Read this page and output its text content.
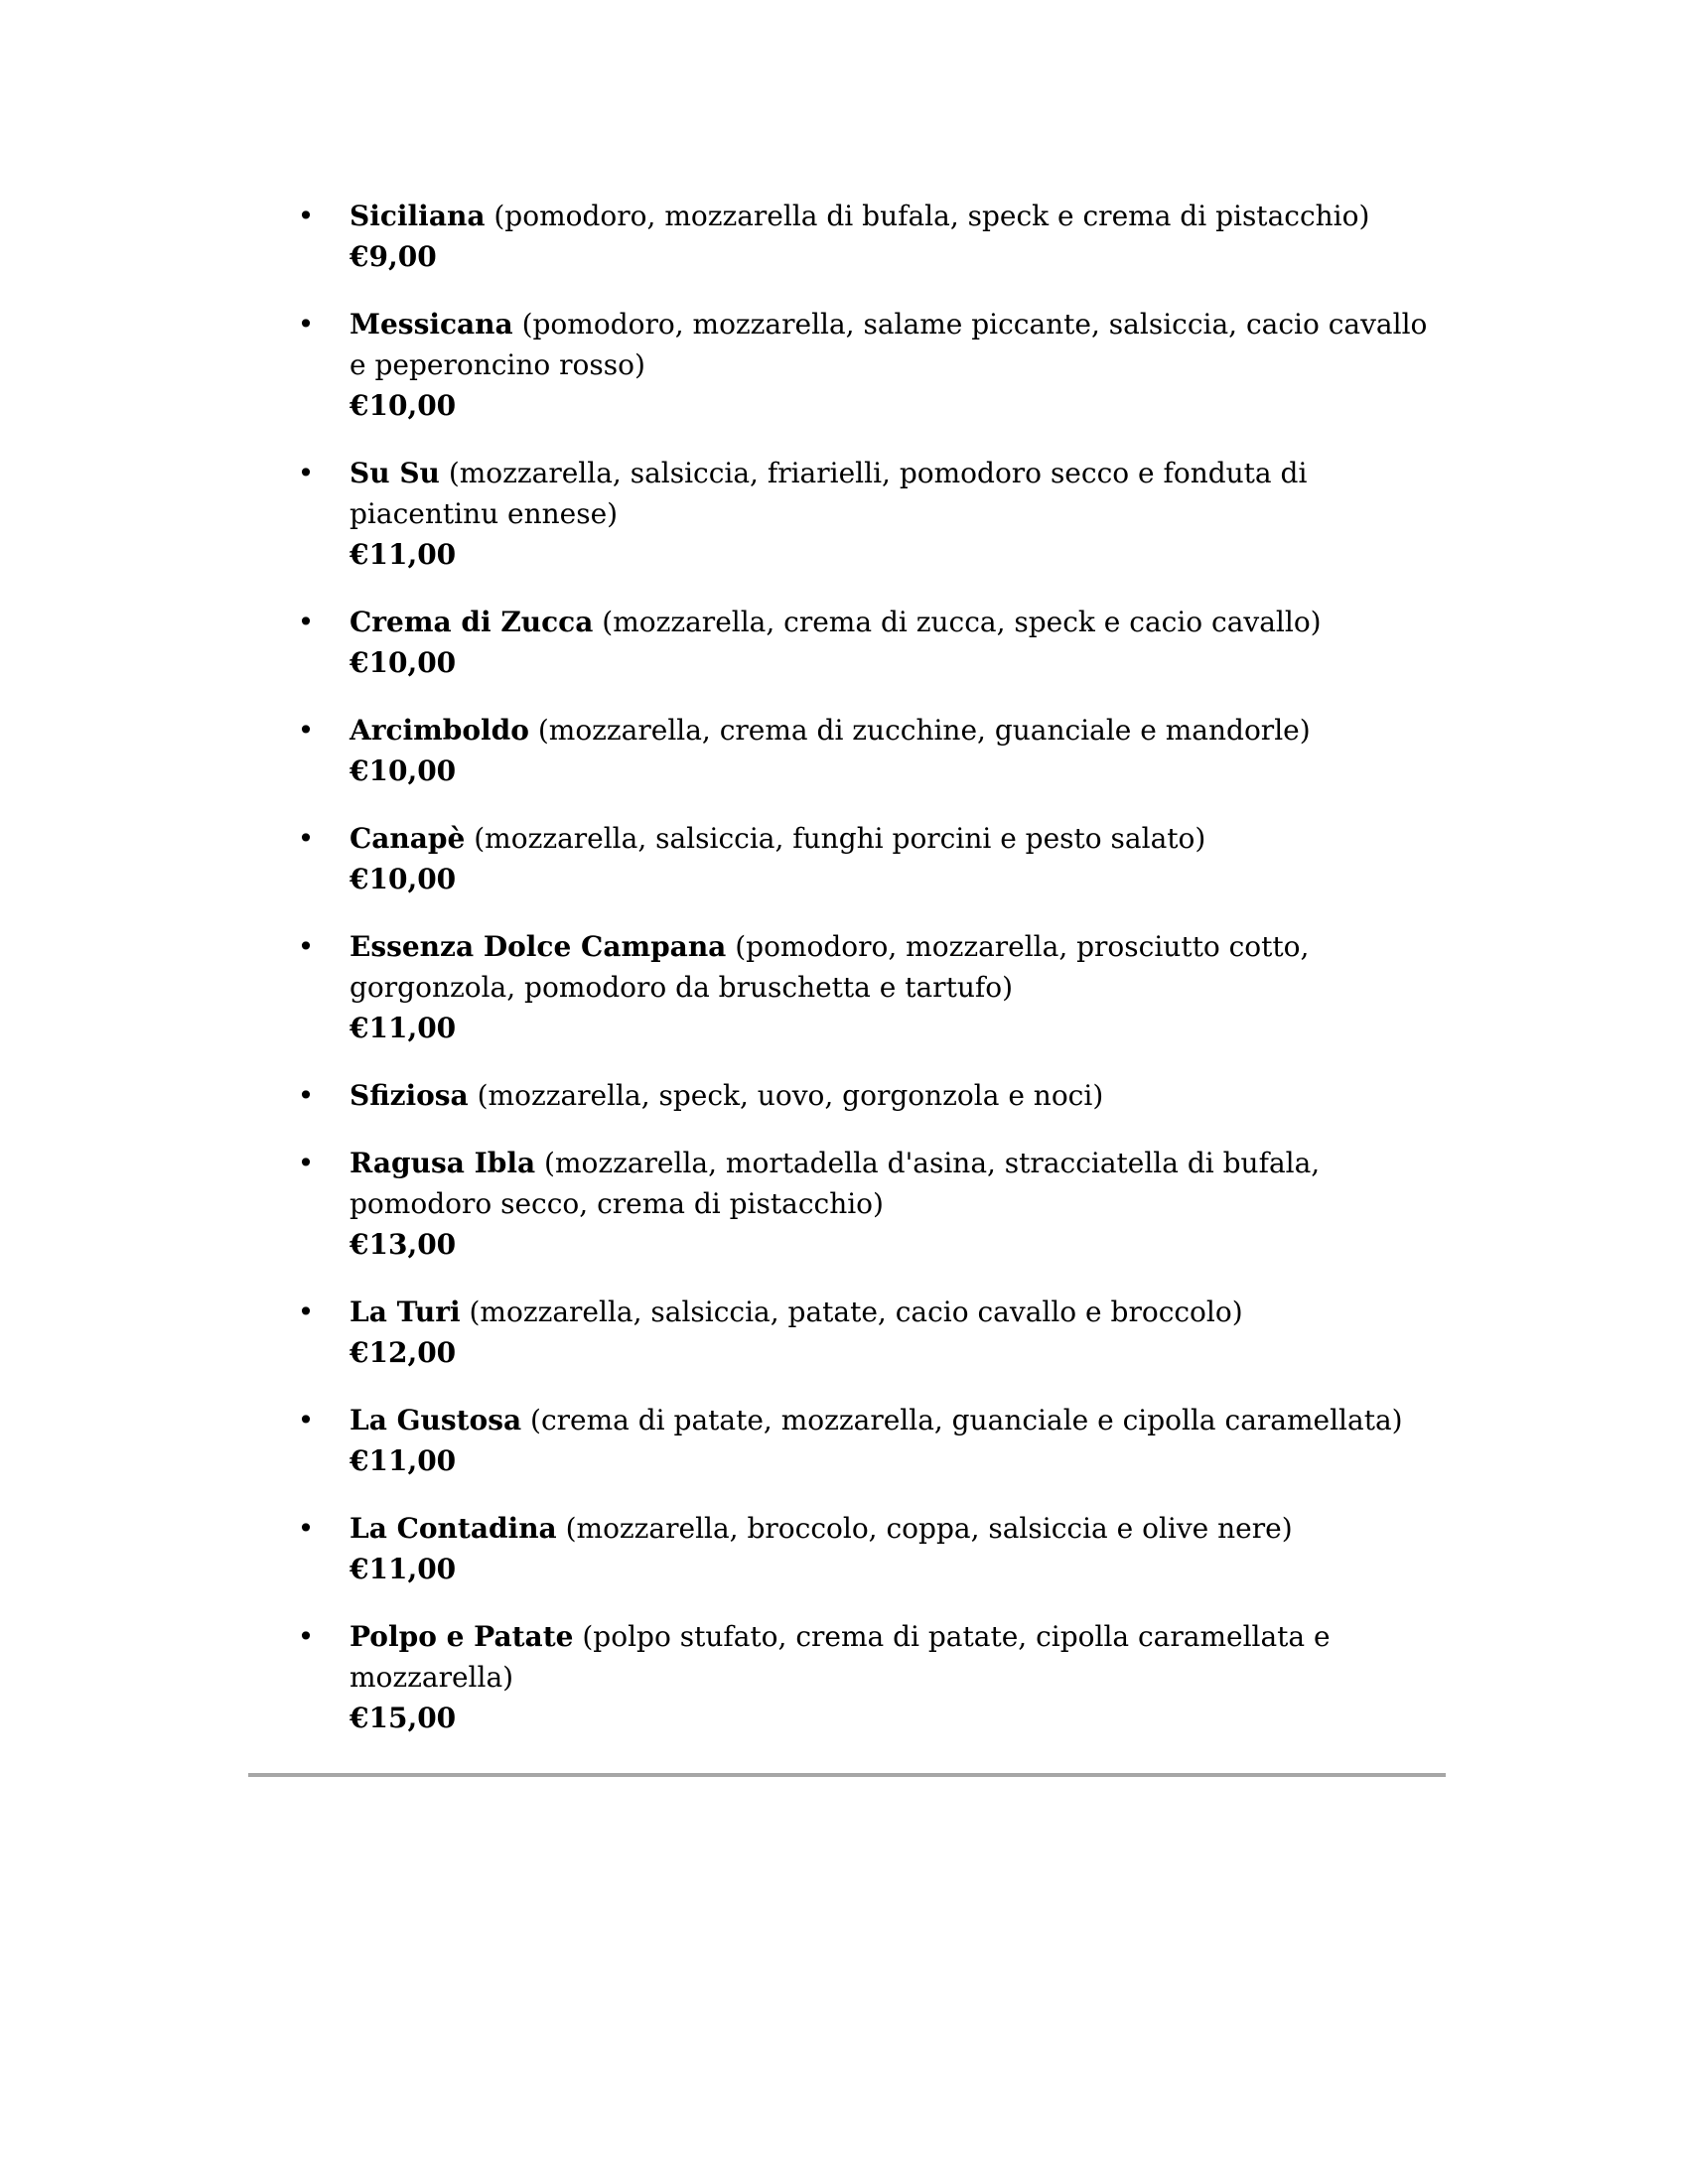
• Siciliana (pomodoro, mozzarella di bufala, speck e crema di pistacchio)
€9,00
• Messicana (pomodoro, mozzarella, salame piccante, salsiccia, cacio cavallo e peperoncino rosso)
€10,00
• Su Su (mozzarella, salsiccia, friarielli, pomodoro secco e fonduta di piacentinu ennese)
€11,00
• Crema di Zucca (mozzarella, crema di zucca, speck e cacio cavallo)
€10,00
• Arcimboldo (mozzarella, crema di zucchine, guanciale e mandorle)
€10,00
• Canapè (mozzarella, salsiccia, funghi porcini e pesto salato)
€10,00
• Essenza Dolce Campana (pomodoro, mozzarella, prosciutto cotto, gorgonzola, pomodoro da bruschetta e tartufo)
€11,00
• Sfiziosa (mozzarella, speck, uovo, gorgonzola e noci)
• Ragusa Ibla (mozzarella, mortadella d'asina, stracciatella di bufala, pomodoro secco, crema di pistacchio)
€13,00
• La Turi (mozzarella, salsiccia, patate, cacio cavallo e broccolo)
€12,00
• La Gustosa (crema di patate, mozzarella, guanciale e cipolla caramellata)
€11,00
• La Contadina (mozzarella, broccolo, coppa, salsiccia e olive nere)
€11,00
• Polpo e Patate (polpo stufato, crema di patate, cipolla caramellata e mozzarella)
€15,00
